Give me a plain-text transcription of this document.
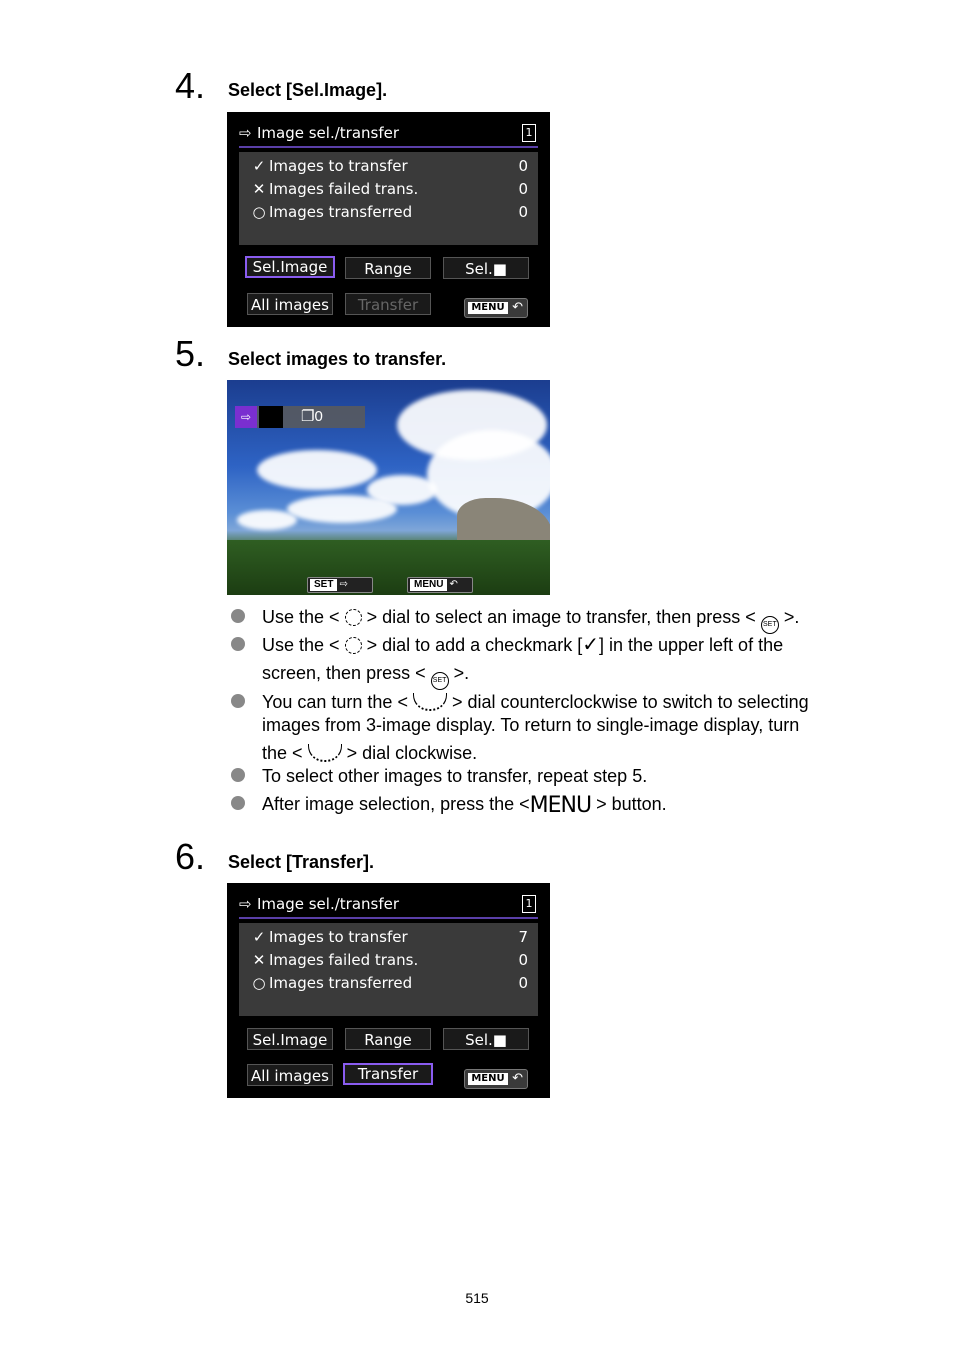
4. Select [Sel.Image].
⇨ Image sel./transfer	1
✓ Images to transfer	0
✕ Images failed trans.	0
○ Images transferred	0
Sel.Image	Range	Sel.■
All images	Transfer	MENU ↶
5. Select images to transfer.
⇨	❐0
SET ⇨	MENU ↶
Use the < > dial to select an image to transfer, then press < SET >.
Use the < > dial to add a checkmark [✓] in the upper left of the
screen, then press < SET >.
You can turn the < > dial counterclockwise to switch to selecting
images from 3-image display. To return to single-image display, turn
the < > dial clockwise.
To select other images to transfer, repeat step 5.
After image selection, press the <MENU > button.
6. Select [Transfer].
⇨ Image sel./transfer	1
✓ Images to transfer	7
✕ Images failed trans.	0
○ Images transferred	0
Sel.Image	Range	Sel.■
All images	Transfer	MENU ↶
515
